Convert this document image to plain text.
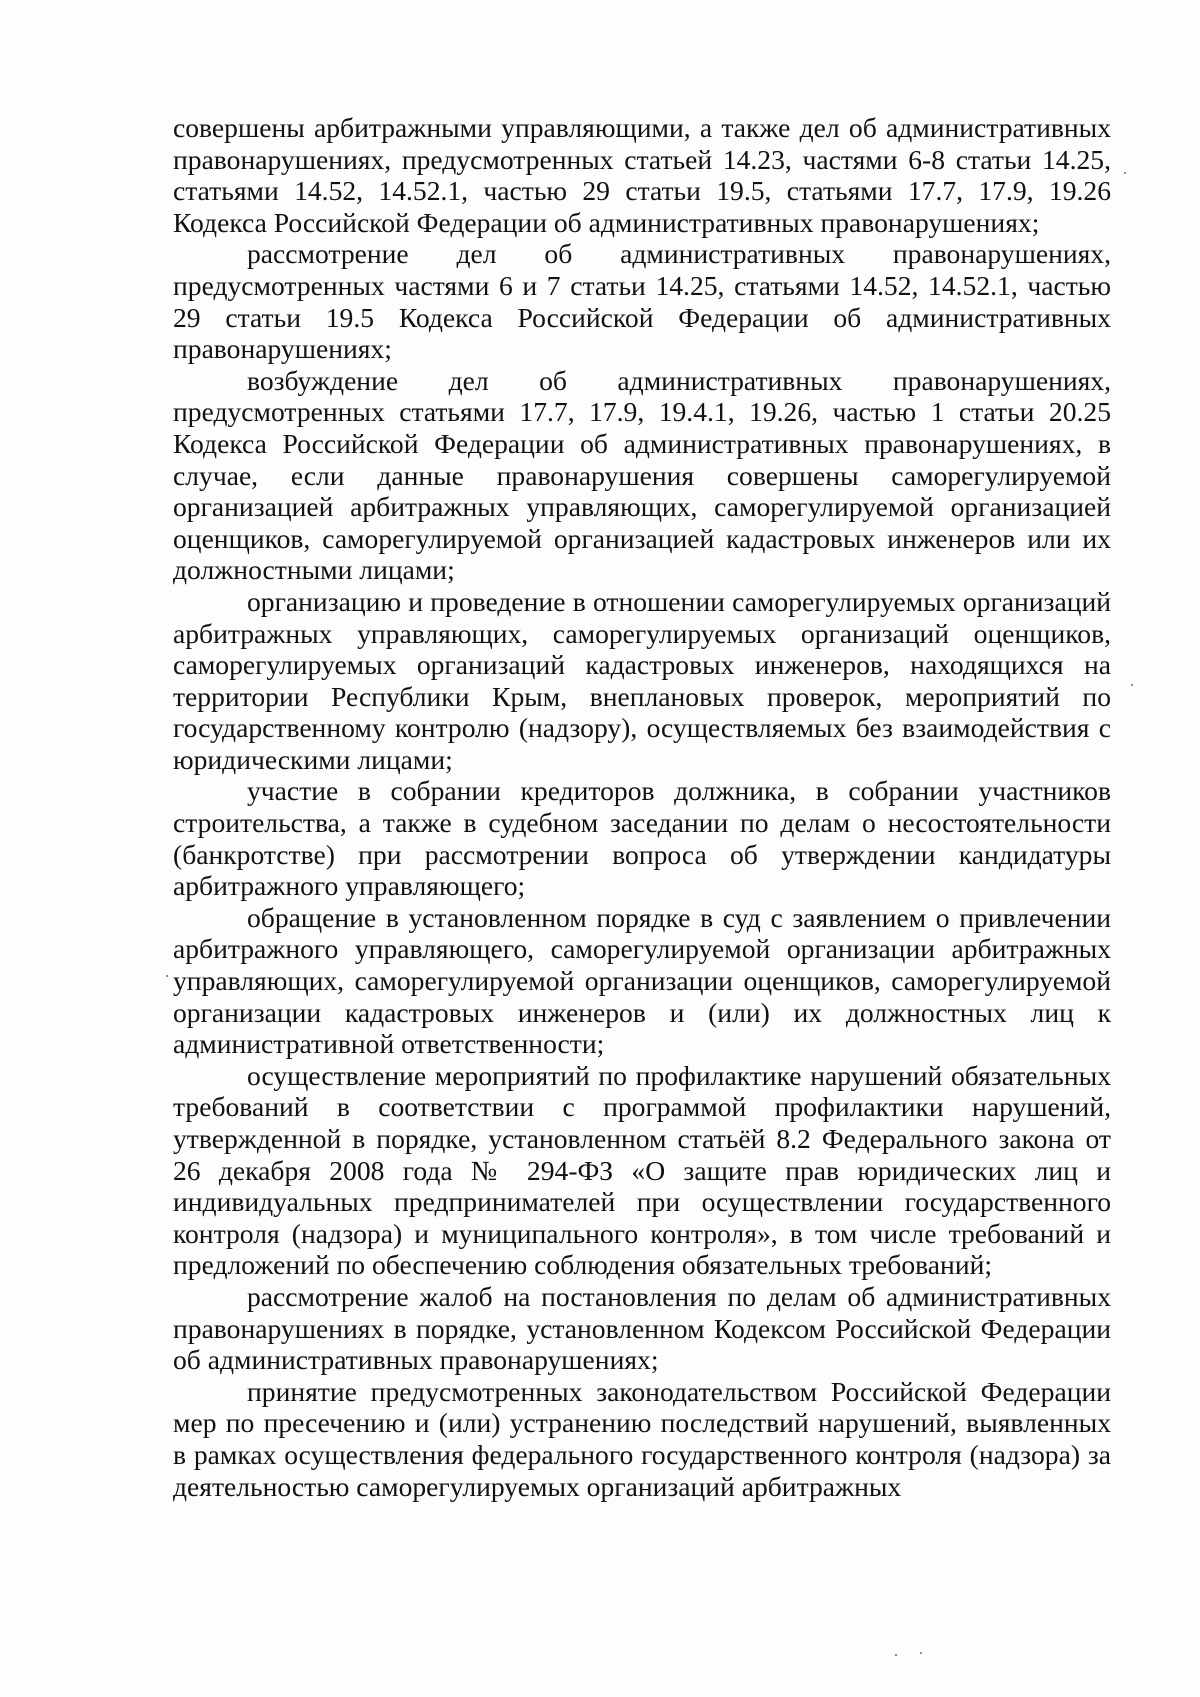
совершены арбитражными управляющими, а также дел об административных правонарушениях, предусмотренных статьей 14.23, частями 6-8 статьи 14.25, статьями 14.52, 14.52.1, частью 29 статьи 19.5, статьями 17.7, 17.9, 19.26 Кодекса Российской Федерации об административных правонарушениях;

рассмотрение дел об административных правонарушениях, предусмотренных частями 6 и 7 статьи 14.25, статьями 14.52, 14.52.1, частью 29 статьи 19.5 Кодекса Российской Федерации об административных правонарушениях;

возбуждение дел об административных правонарушениях, предусмотренных статьями 17.7, 17.9, 19.4.1, 19.26, частью 1 статьи 20.25 Кодекса Российской Федерации об административных правонарушениях, в случае, если данные правонарушения совершены саморегулируемой организацией арбитражных управляющих, саморегулируемой организацией оценщиков, саморегулируемой организацией кадастровых инженеров или их должностными лицами;

организацию и проведение в отношении саморегулируемых организаций арбитражных управляющих, саморегулируемых организаций оценщиков, саморегулируемых организаций кадастровых инженеров, находящихся на территории Республики Крым, внеплановых проверок, мероприятий по государственному контролю (надзору), осуществляемых без взаимодействия с юридическими лицами;

участие в собрании кредиторов должника, в собрании участников строительства, а также в судебном заседании по делам о несостоятельности (банкротстве) при рассмотрении вопроса об утверждении кандидатуры арбитражного управляющего;

обращение в установленном порядке в суд с заявлением о привлечении арбитражного управляющего, саморегулируемой организации арбитражных управляющих, саморегулируемой организации оценщиков, саморегулируемой организации кадастровых инженеров и (или) их должностных лиц к административной ответственности;

осуществление мероприятий по профилактике нарушений обязательных требований в соответствии с программой профилактики нарушений, утвержденной в порядке, установленном статьёй 8.2 Федерального закона от 26 декабря 2008 года № 294-ФЗ «О защите прав юридических лиц и индивидуальных предпринимателей при осуществлении государственного контроля (надзора) и муниципального контроля», в том числе требований и предложений по обеспечению соблюдения обязательных требований;

рассмотрение жалоб на постановления по делам об административных правонарушениях в порядке, установленном Кодексом Российской Федерации об административных правонарушениях;

принятие предусмотренных законодательством Российской Федерации мер по пресечению и (или) устранению последствий нарушений, выявленных в рамках осуществления федерального государственного контроля (надзора) за деятельностью саморегулируемых организаций арбитражных
